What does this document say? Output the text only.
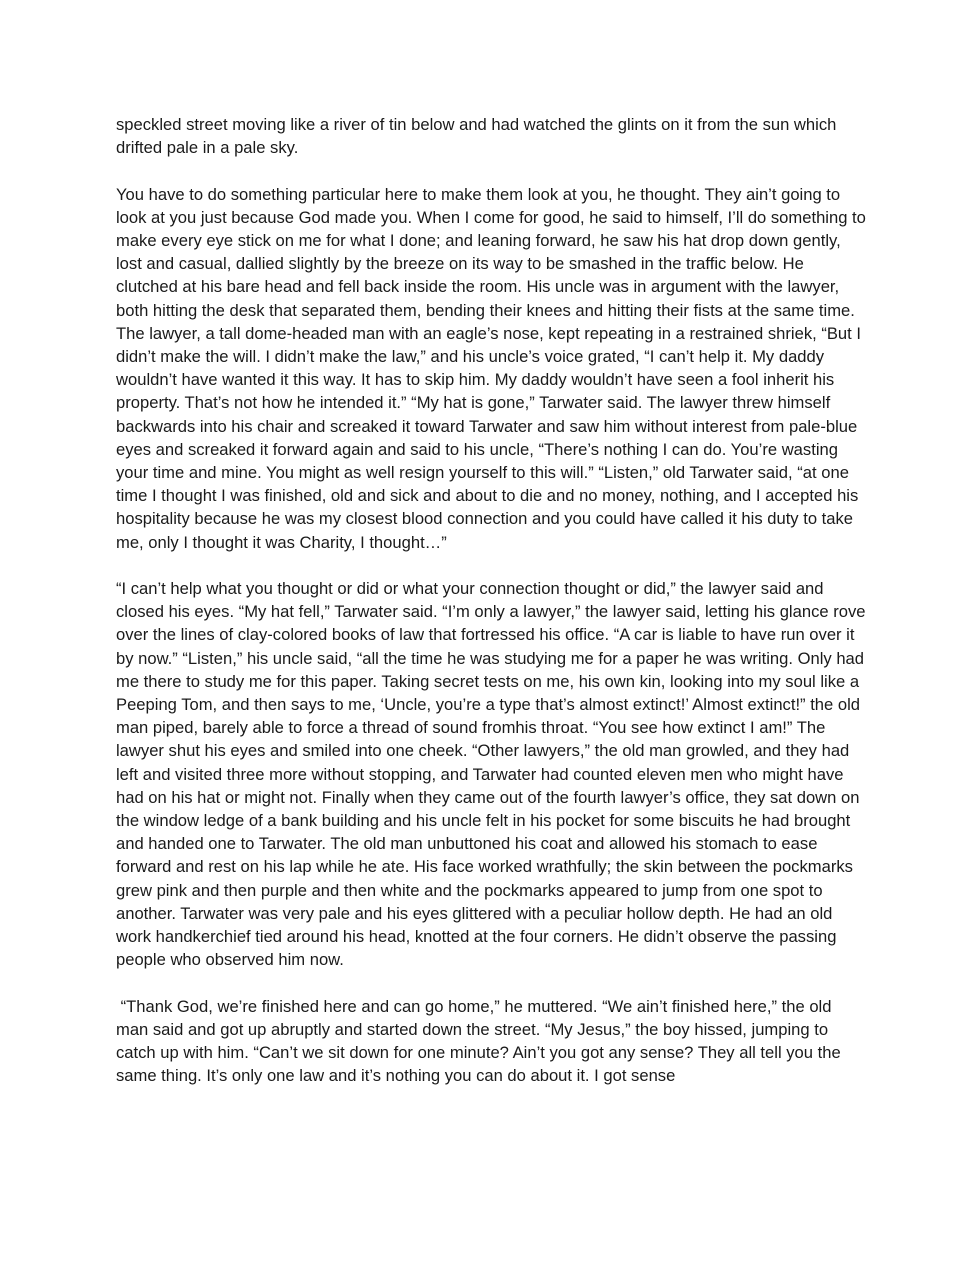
speckled street moving like a river of tin below and had watched the glints on it from the sun which drifted pale in a pale sky.

You have to do something particular here to make them look at you, he thought. They ain’t going to look at you just because God made you. When I come for good, he said to himself, I’ll do something to make every eye stick on me for what I done; and leaning forward, he saw his hat drop down gently, lost and casual, dallied slightly by the breeze on its way to be smashed in the traffic below. He clutched at his bare head and fell back inside the room. His uncle was in argument with the lawyer, both hitting the desk that separated them, bending their knees and hitting their fists at the same time. The lawyer, a tall dome-headed man with an eagle’s nose, kept repeating in a restrained shriek, “But I didn’t make the will. I didn’t make the law,” and his uncle’s voice grated, “I can’t help it. My daddy wouldn’t have wanted it this way. It has to skip him. My daddy wouldn’t have seen a fool inherit his property. That’s not how he intended it.” “My hat is gone,” Tarwater said. The lawyer threw himself backwards into his chair and screaked it toward Tarwater and saw him without interest from pale-blue eyes and screaked it forward again and said to his uncle, “There’s nothing I can do. You’re wasting your time and mine. You might as well resign yourself to this will.” “Listen,” old Tarwater said, “at one time I thought I was finished, old and sick and about to die and no money, nothing, and I accepted his hospitality because he was my closest blood connection and you could have called it his duty to take me, only I thought it was Charity, I thought…”

“I can’t help what you thought or did or what your connection thought or did,” the lawyer said and closed his eyes. “My hat fell,” Tarwater said. “I’m only a lawyer,” the lawyer said, letting his glance rove over the lines of clay-colored books of law that fortressed his office. “A car is liable to have run over it by now.” “Listen,” his uncle said, “all the time he was studying me for a paper he was writing. Only had me there to study me for this paper. Taking secret tests on me, his own kin, looking into my soul like a Peeping Tom, and then says to me, ‘Uncle, you’re a type that’s almost extinct!’ Almost extinct!” the old man piped, barely able to force a thread of sound fromhis throat. “You see how extinct I am!” The lawyer shut his eyes and smiled into one cheek. “Other lawyers,” the old man growled, and they had left and visited three more without stopping, and Tarwater had counted eleven men who might have had on his hat or might not. Finally when they came out of the fourth lawyer’s office, they sat down on the window ledge of a bank building and his uncle felt in his pocket for some biscuits he had brought and handed one to Tarwater. The old man unbuttoned his coat and allowed his stomach to ease forward and rest on his lap while he ate. His face worked wrathfully; the skin between the pockmarks grew pink and then purple and then white and the pockmarks appeared to jump from one spot to another. Tarwater was very pale and his eyes glittered with a peculiar hollow depth. He had an old work handkerchief tied around his head, knotted at the four corners. He didn’t observe the passing people who observed him now.

“Thank God, we’re finished here and can go home,” he muttered. “We ain’t finished here,” the old man said and got up abruptly and started down the street. “My Jesus,” the boy hissed, jumping to catch up with him. “Can’t we sit down for one minute? Ain’t you got any sense? They all tell you the same thing. It’s only one law and it’s nothing you can do about it. I got sense
